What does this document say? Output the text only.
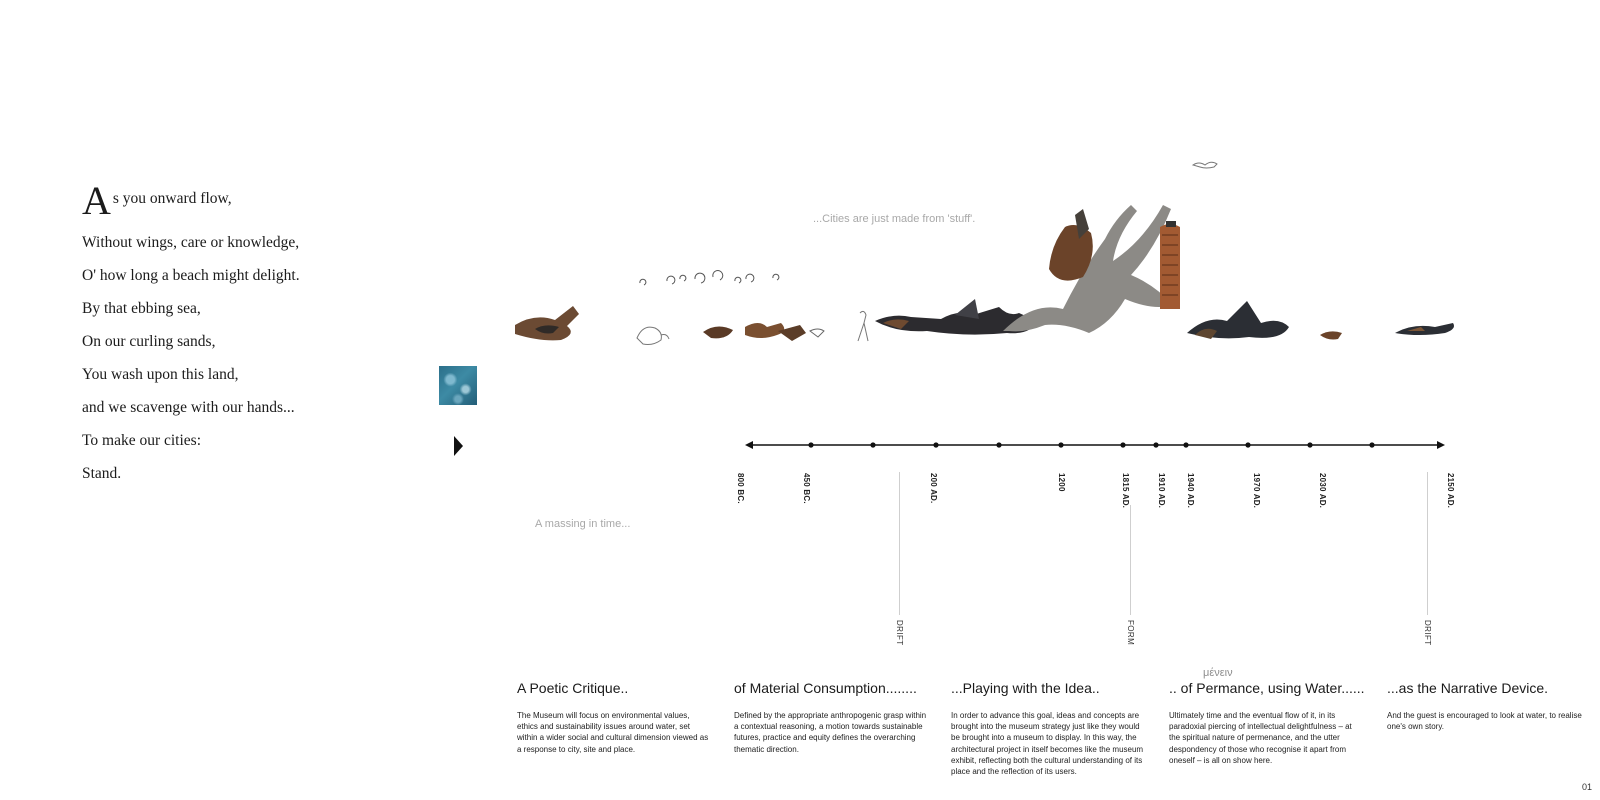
A s you onward flow,
Without wings, care or knowledge,
O' how long a beach might delight.
By that ebbing sea,
On our curling sands,
You wash upon this land,
and we scavenge with our hands...
To make our cities:
Stand.
...Cities are just made from 'stuff'.
A massing in time...
800 BC.	450 BC.	200 AD.	1200	1815 AD.	1910 AD.	1940 AD.	1970 AD.	2030 AD.	2150 AD.
DRIFT	FORM	DRIFT
μένειν
A Poetic Critique..

The Museum will focus on environmental values, ethics and sustainability issues around water, set within a wider social and cultural dimension viewed as a response to city, site and place.

of Material Consumption........

Defined by the appropriate anthropogenic grasp within a contextual reasoning, a motion towards sustainable futures, practice and equity defines the overarching thematic direction.

...Playing with the Idea..

In order to advance this goal, ideas and concepts are brought into the museum strategy just like they would be brought into a museum to display. In this way, the architectural project in itself becomes like the museum exhibit, reflecting both the cultural understanding of its place and the reflection of its users.

.. of Permance, using Water......

Ultimately time and the eventual flow of it, in its paradoxial piercing of intellectual delightfulness – at the spiritual nature of permenance, and the utter despondency of those who recognise it apart from oneself – is all on show here.

...as the Narrative Device.

And the guest is encouraged to look at water, to realise one's own story.

01
